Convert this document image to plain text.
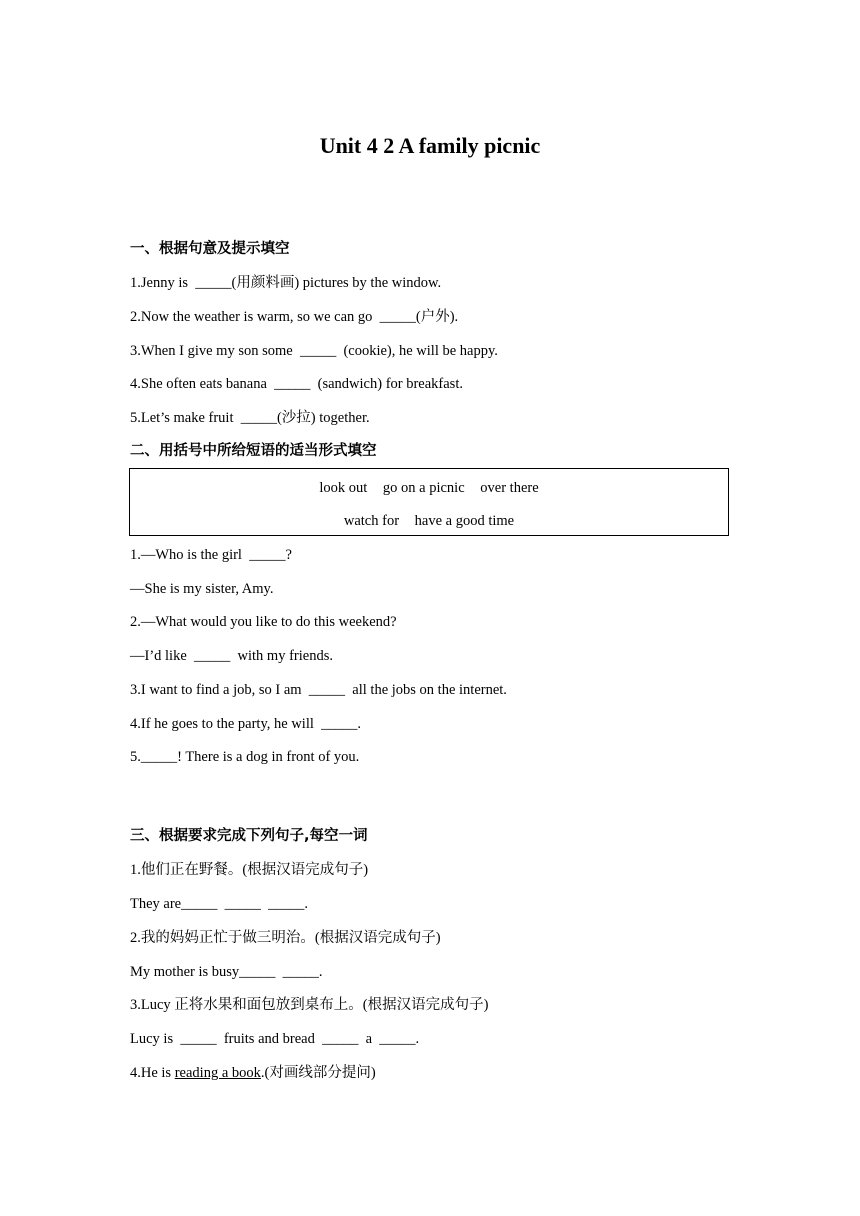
Unit 4 2 A family picnic
一、根据句意及提示填空
1.Jenny is  _____(用颜料画) pictures by the window.
2.Now the weather is warm, so we can go  _____(户外).
3.When I give my son some  _____  (cookie), he will be happy.
4.She often eats banana  _____  (sandwich) for breakfast.
5.Let’s make fruit  _____(沙拉) together.
二、用括号中所给短语的适当形式填空
look out go on a picnic over there
watch for have a good time
1.—Who is the girl  _____?
—She is my sister, Amy.
2.—What would you like to do this weekend?
—I’d like  _____  with my friends.
3.I want to find a job, so I am  _____  all the jobs on the internet.
4.If he goes to the party, he will  _____.
5._____! There is a dog in front of you.
三、根据要求完成下列句子,每空一词
1.他们正在野餐。(根据汉语完成句子)
They are_____  _____  _____.
2.我的妈妈正忙于做三明治。(根据汉语完成句子)
My mother is busy_____  _____.
3.Lucy 正将水果和面包放到桌布上。(根据汉语完成句子)
Lucy is  _____  fruits and bread  _____  a  _____.
4.He is reading a book.(对画线部分提问)
